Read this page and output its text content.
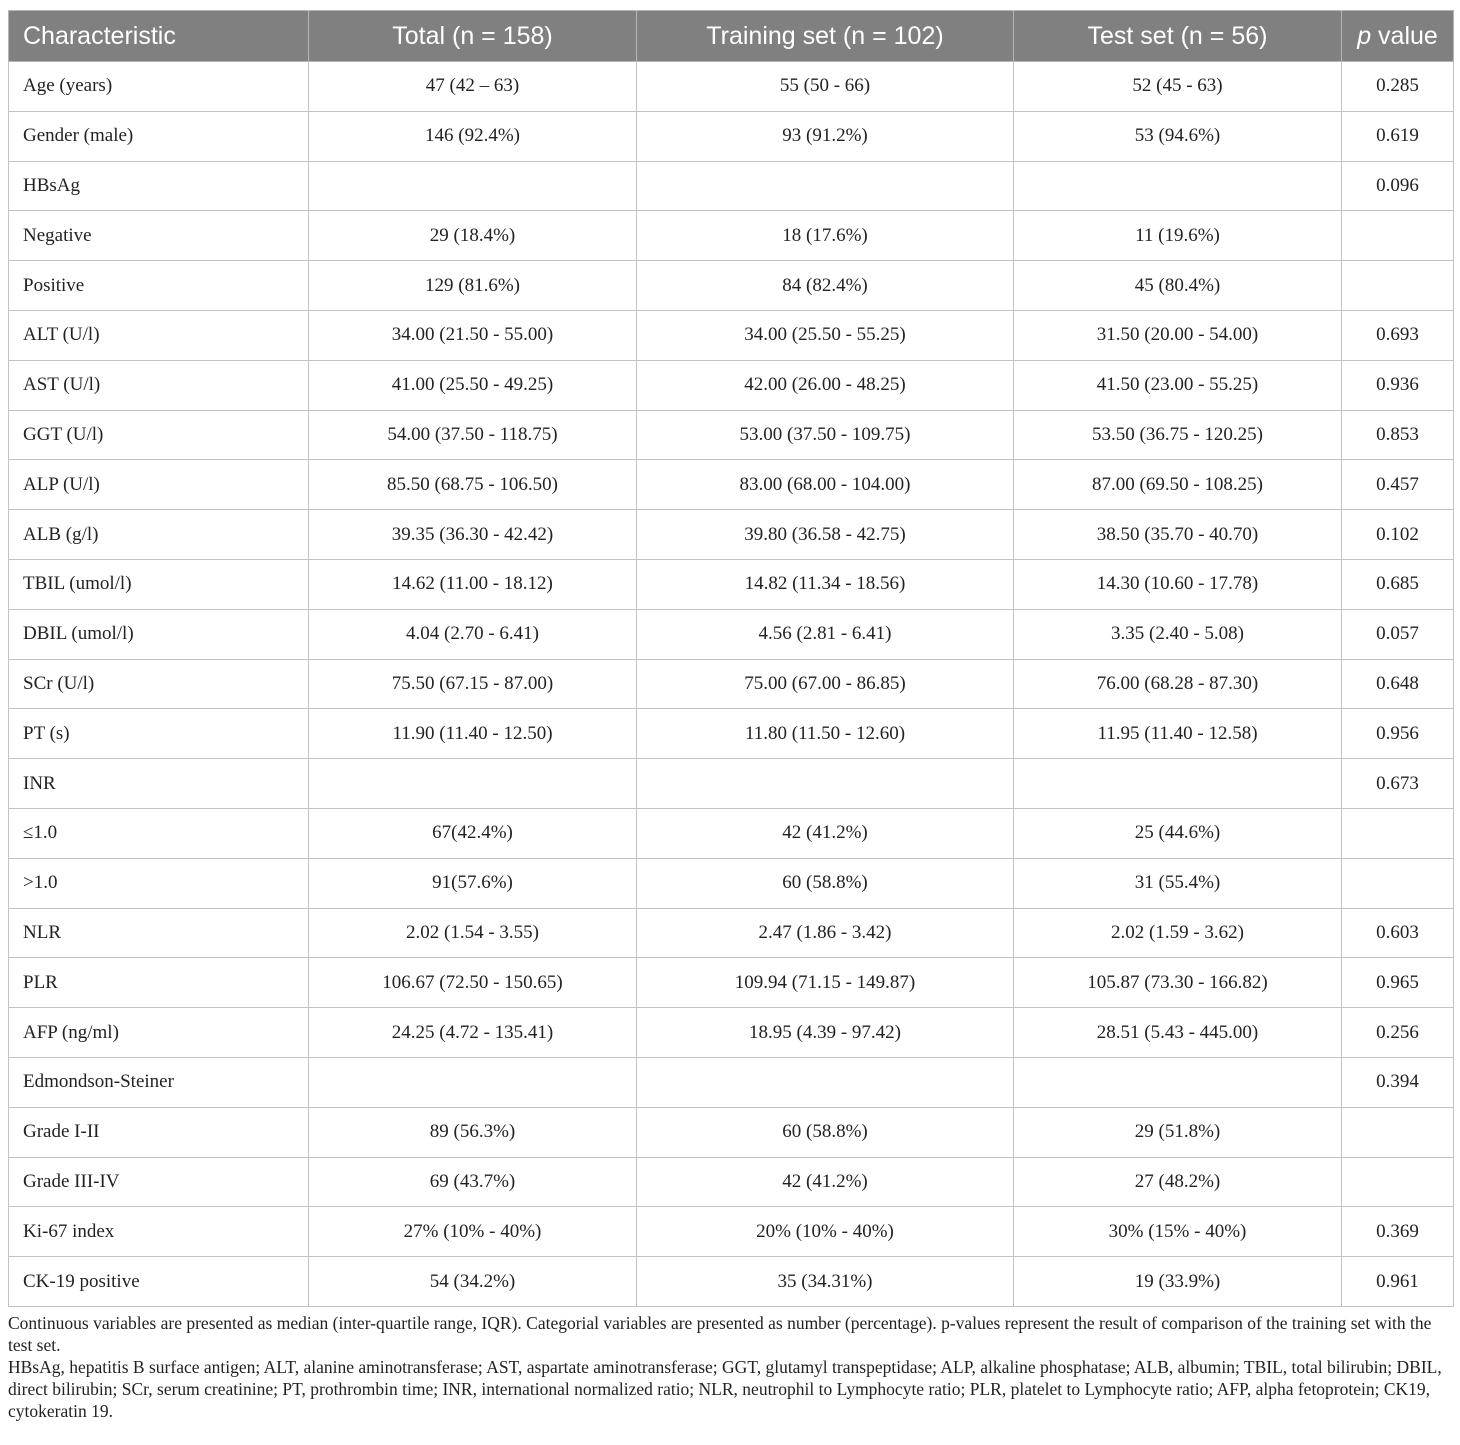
Characteristic	Total (n = 158)	Training set (n = 102)	Test set (n = 56)	p value
Age (years)	47 (42 – 63)	55 (50 - 66)	52 (45 - 63)	0.285
Gender (male)	146 (92.4%)	93 (91.2%)	53 (94.6%)	0.619
HBsAg				0.096
Negative	29 (18.4%)	18 (17.6%)	11 (19.6%)	
Positive	129 (81.6%)	84 (82.4%)	45 (80.4%)	
ALT (U/l)	34.00 (21.50 - 55.00)	34.00 (25.50 - 55.25)	31.50 (20.00 - 54.00)	0.693
AST (U/l)	41.00 (25.50 - 49.25)	42.00 (26.00 - 48.25)	41.50 (23.00 - 55.25)	0.936
GGT (U/l)	54.00 (37.50 - 118.75)	53.00 (37.50 - 109.75)	53.50 (36.75 - 120.25)	0.853
ALP (U/l)	85.50 (68.75 - 106.50)	83.00 (68.00 - 104.00)	87.00 (69.50 - 108.25)	0.457
ALB (g/l)	39.35 (36.30 - 42.42)	39.80 (36.58 - 42.75)	38.50 (35.70 - 40.70)	0.102
TBIL (umol/l)	14.62 (11.00 - 18.12)	14.82 (11.34 - 18.56)	14.30 (10.60 - 17.78)	0.685
DBIL (umol/l)	4.04 (2.70 - 6.41)	4.56 (2.81 - 6.41)	3.35 (2.40 - 5.08)	0.057
SCr (U/l)	75.50 (67.15 - 87.00)	75.00 (67.00 - 86.85)	76.00 (68.28 - 87.30)	0.648
PT (s)	11.90 (11.40 - 12.50)	11.80 (11.50 - 12.60)	11.95 (11.40 - 12.58)	0.956
INR				0.673
≤1.0	67(42.4%)	42 (41.2%)	25 (44.6%)	
>1.0	91(57.6%)	60 (58.8%)	31 (55.4%)	
NLR	2.02 (1.54 - 3.55)	2.47 (1.86 - 3.42)	2.02 (1.59 - 3.62)	0.603
PLR	106.67 (72.50 - 150.65)	109.94 (71.15 - 149.87)	105.87 (73.30 - 166.82)	0.965
AFP (ng/ml)	24.25 (4.72 - 135.41)	18.95 (4.39 - 97.42)	28.51 (5.43 - 445.00)	0.256
Edmondson-Steiner				0.394
Grade I-II	89 (56.3%)	60 (58.8%)	29 (51.8%)	
Grade III-IV	69 (43.7%)	42 (41.2%)	27 (48.2%)	
Ki-67 index	27% (10% - 40%)	20% (10% - 40%)	30% (15% - 40%)	0.369
CK-19 positive	54 (34.2%)	35 (34.31%)	19 (33.9%)	0.961

Continuous variables are presented as median (inter-quartile range, IQR). Categorial variables are presented as number (percentage). p-values represent the result of comparison of the training set with the test set.

HBsAg, hepatitis B surface antigen; ALT, alanine aminotransferase; AST, aspartate aminotransferase; GGT, glutamyl transpeptidase; ALP, alkaline phosphatase; ALB, albumin; TBIL, total bilirubin; DBIL, direct bilirubin; SCr, serum creatinine; PT, prothrombin time; INR, international normalized ratio; NLR, neutrophil to Lymphocyte ratio; PLR, platelet to Lymphocyte ratio; AFP, alpha fetoprotein; CK19, cytokeratin 19.
